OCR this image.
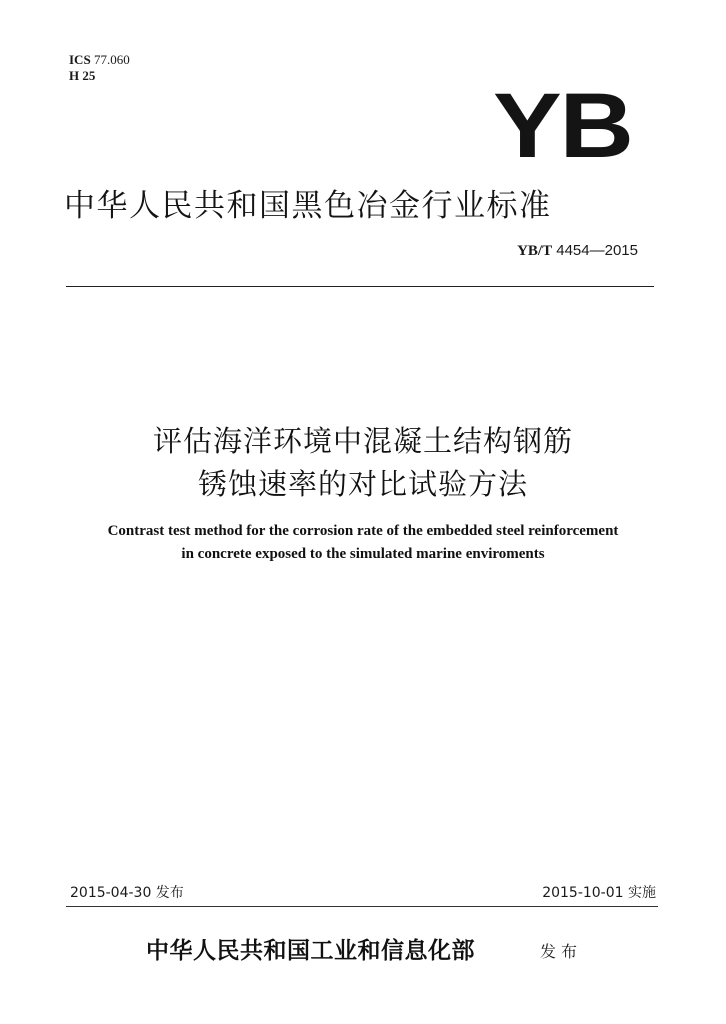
ICS 77.060
H 25	YB
中华人民共和国黑色冶金行业标准
YB/T 4454—2015
评估海洋环境中混凝土结构钢筋
锈蚀速率的对比试验方法
Contrast test method for the corrosion rate of the embedded steel reinforcement
in concrete exposed to the simulated marine enviroments
2015-04-30 发布	2015-10-01 实施
中华人民共和国工业和信息化部	发布
